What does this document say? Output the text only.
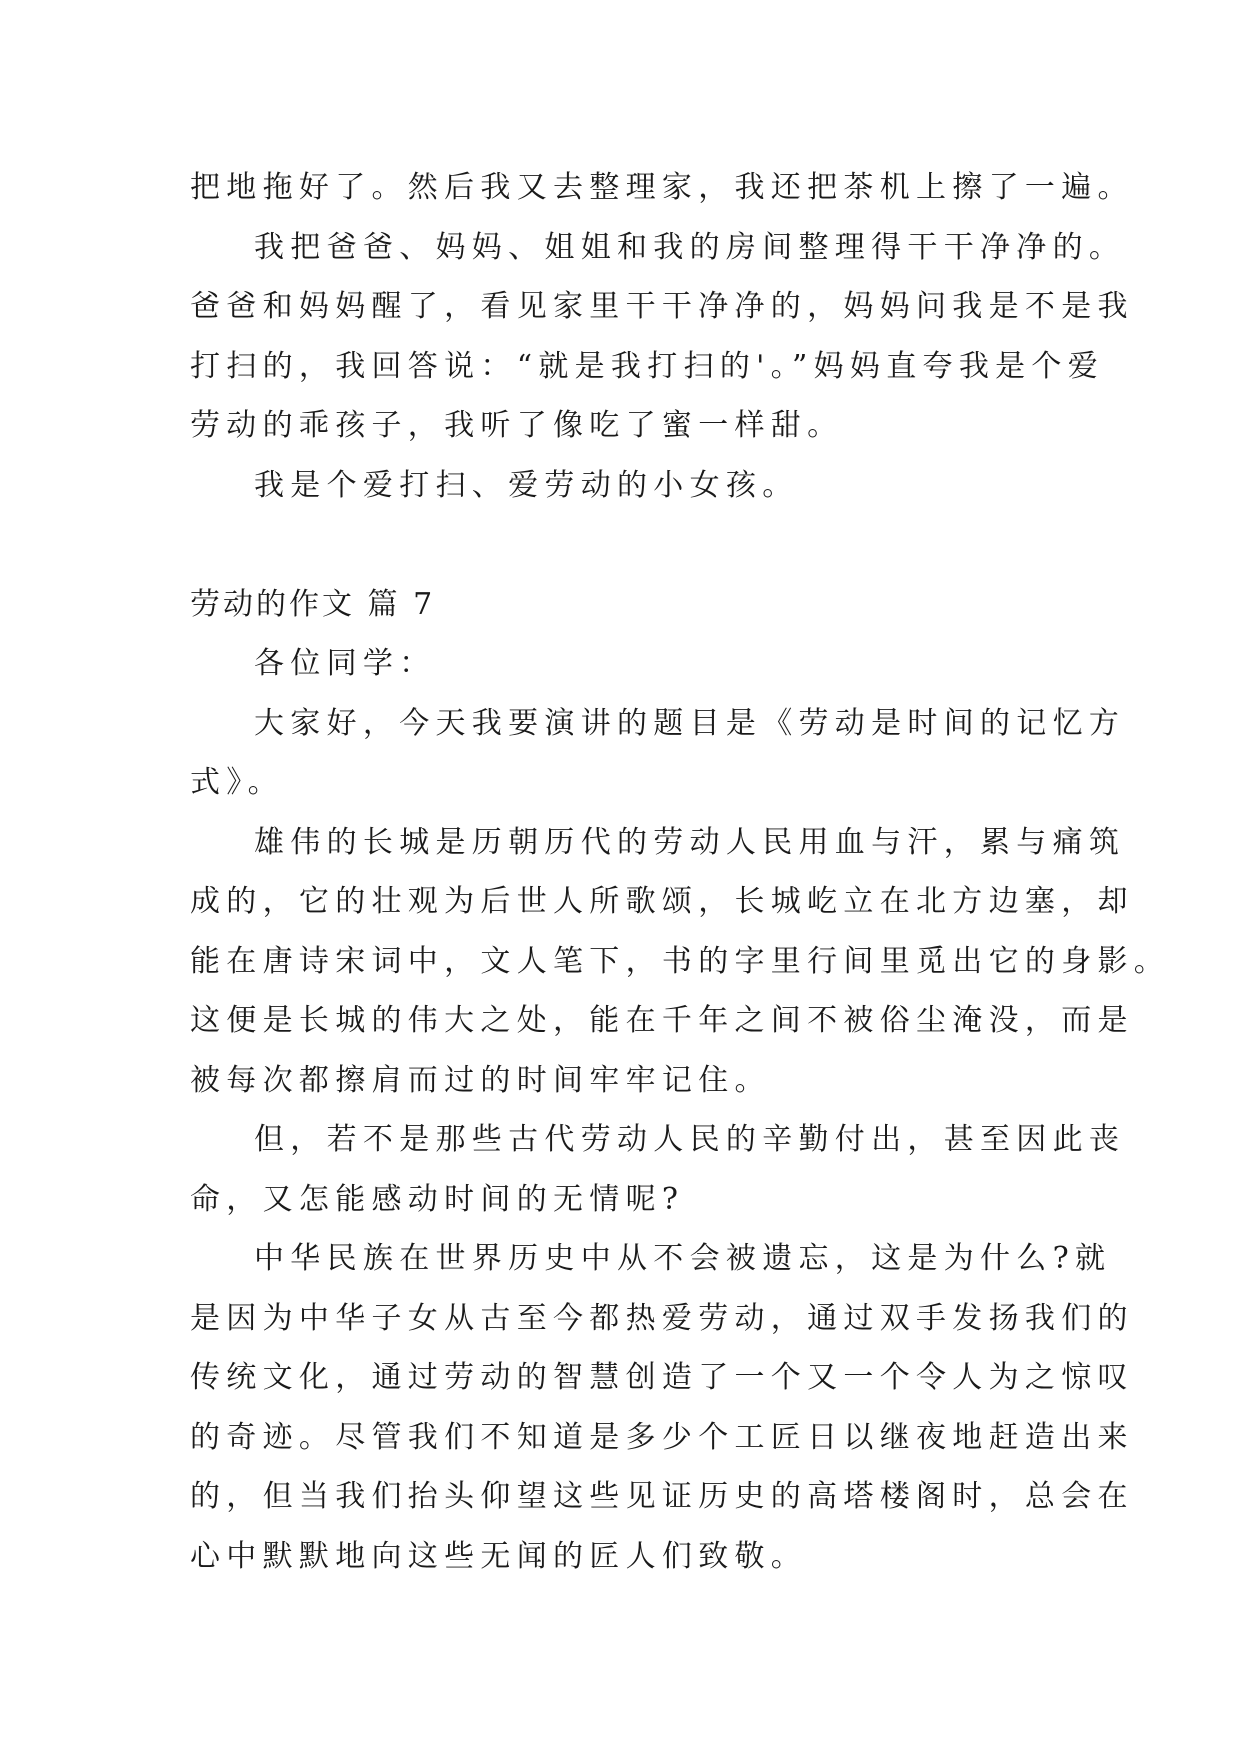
把地拖好了。然后我又去整理家，我还把茶机上擦了一遍。
我把爸爸、妈妈、姐姐和我的房间整理得干干净净的。
爸爸和妈妈醒了，看见家里干干净净的，妈妈问我是不是我
打扫的，我回答说：“就是我打扫的'。”妈妈直夸我是个爱
劳动的乖孩子，我听了像吃了蜜一样甜。
我是个爱打扫、爱劳动的小女孩。
劳动的作文 篇 7
各位同学：
大家好，今天我要演讲的题目是《劳动是时间的记忆方
式》。
雄伟的长城是历朝历代的劳动人民用血与汗，累与痛筑
成的，它的壮观为后世人所歌颂，长城屹立在北方边塞，却
能在唐诗宋词中，文人笔下，书的字里行间里觅出它的身影。
这便是长城的伟大之处，能在千年之间不被俗尘淹没，而是
被每次都擦肩而过的时间牢牢记住。
但，若不是那些古代劳动人民的辛勤付出，甚至因此丧
命，又怎能感动时间的无情呢?
中华民族在世界历史中从不会被遗忘，这是为什么?就
是因为中华子女从古至今都热爱劳动，通过双手发扬我们的
传统文化，通过劳动的智慧创造了一个又一个令人为之惊叹
的奇迹。尽管我们不知道是多少个工匠日以继夜地赶造出来
的，但当我们抬头仰望这些见证历史的高塔楼阁时，总会在
心中默默地向这些无闻的匠人们致敬。
